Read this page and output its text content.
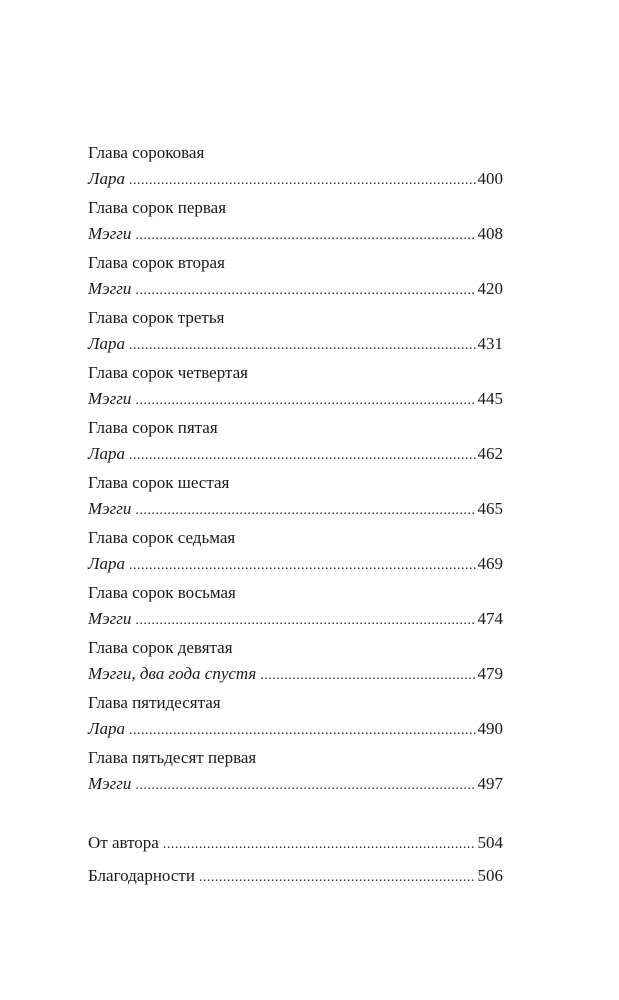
Глава сороковая
Лара .....	400
Глава сорок первая
Мэгги .....	408
Глава сорок вторая
Мэгги .....	420
Глава сорок третья
Лара .....	431
Глава сорок четвертая
Мэгги .....	445
Глава сорок пятая
Лара .....	462
Глава сорок шестая
Мэгги .....	465
Глава сорок седьмая
Лара .....	469
Глава сорок восьмая
Мэгги .....	474
Глава сорок девятая
Мэгги, два года спустя .....	479
Глава пятидесятая
Лара .....	490
Глава пятьдесят первая
Мэгги .....	497
От автора .....	504
Благодарности .....	506
